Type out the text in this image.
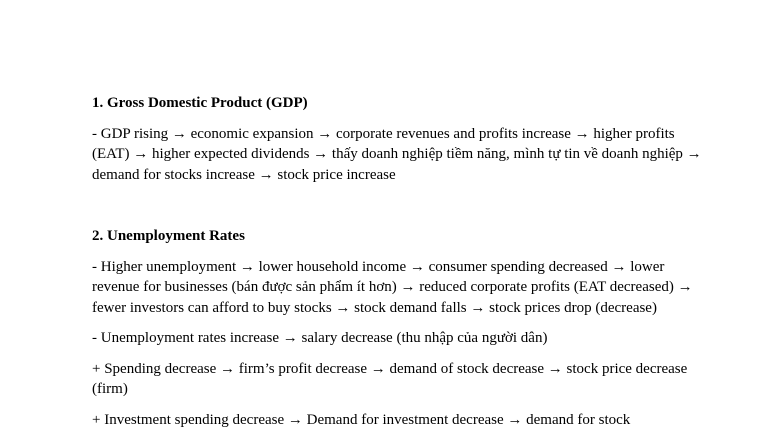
1. Gross Domestic Product (GDP)
- GDP rising → economic expansion → corporate revenues and profits increase → higher profits (EAT) → higher expected dividends → thấy doanh nghiệp tiềm năng, mình tự tin về doanh nghiệp → demand for stocks increase → stock price increase
2. Unemployment Rates
- Higher unemployment → lower household income → consumer spending decreased → lower revenue for businesses (bán được sản phẩm ít hơn) → reduced corporate profits (EAT decreased) → fewer investors can afford to buy stocks → stock demand falls → stock prices drop (decrease)
- Unemployment rates increase → salary decrease (thu nhập của người dân)
+ Spending decrease → firm’s profit decrease → demand of stock decrease → stock price decrease (firm)
+ Investment spending decrease → Demand for investment decrease → demand for stock
